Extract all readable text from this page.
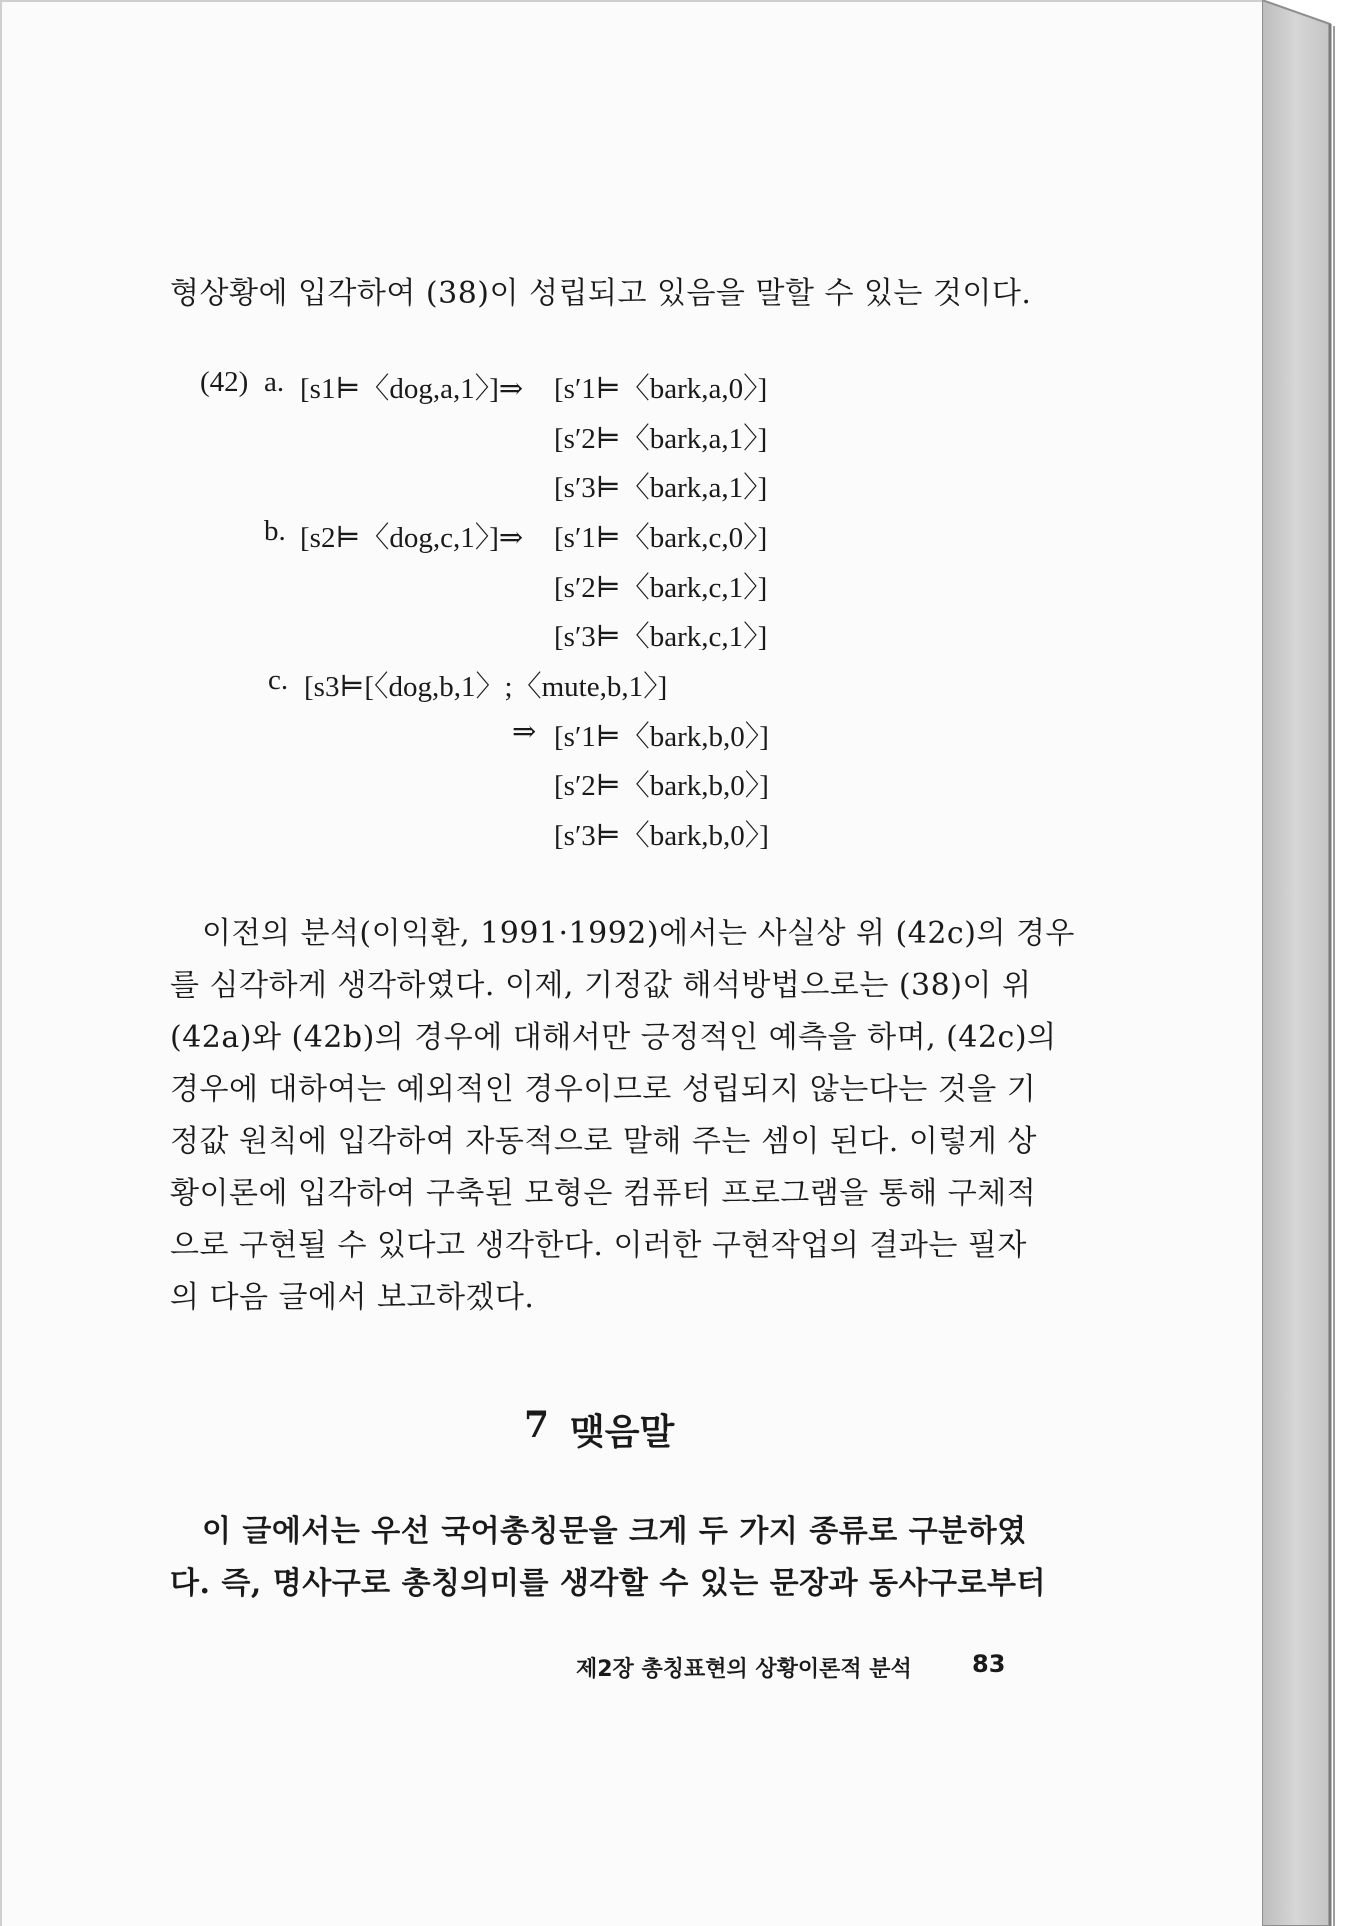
형상황에 입각하여 (38)이 성립되고 있음을 말할 수 있는 것이다.
(42) a. [s1⊨〈dog,a,1〉]⇒ [s′1⊨〈bark,a,0〉]
[s′2⊨〈bark,a,1〉]
[s′3⊨〈bark,a,1〉]
b. [s2⊨〈dog,c,1〉]⇒ [s′1⊨〈bark,c,0〉]
[s′2⊨〈bark,c,1〉]
[s′3⊨〈bark,c,1〉]
c. [s3⊨[〈dog,b,1〉;〈mute,b,1〉]
⇒ [s′1⊨〈bark,b,0〉]
[s′2⊨〈bark,b,0〉]
[s′3⊨〈bark,b,0〉]
이전의 분석(이익환, 1991·1992)에서는 사실상 위 (42c)의 경우
를 심각하게 생각하였다. 이제, 기정값 해석방법으로는 (38)이 위
(42a)와 (42b)의 경우에 대해서만 긍정적인 예측을 하며, (42c)의
경우에 대하여는 예외적인 경우이므로 성립되지 않는다는 것을 기
정값 원칙에 입각하여 자동적으로 말해 주는 셈이 된다. 이렇게 상
황이론에 입각하여 구축된 모형은 컴퓨터 프로그램을 통해 구체적
으로 구현될 수 있다고 생각한다. 이러한 구현작업의 결과는 필자
의 다음 글에서 보고하겠다.
7 맺음말
이 글에서는 우선 국어총칭문을 크게 두 가지 종류로 구분하였
다. 즉, 명사구로 총칭의미를 생각할 수 있는 문장과 동사구로부터
제2장 총칭표현의 상황이론적 분석	83
